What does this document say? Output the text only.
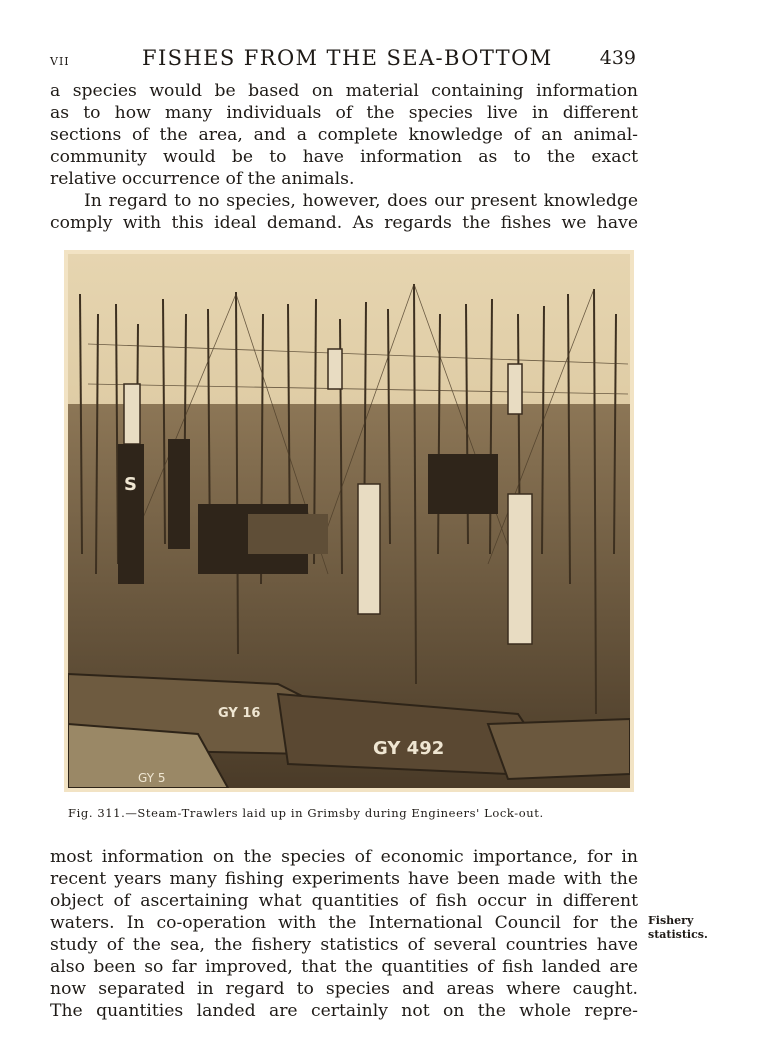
VII	FISHES FROM THE SEA-BOTTOM 439
a species would be based on material containing information
as to how many individuals of the species live in different
sections of the area, and a complete knowledge of an animal-
community would be to have information as to the exact
relative occurrence of the animals.
In regard to no species, however, does our present knowledge
comply with this ideal demand. As regards the fishes we have
GY 492
GY 16
S
GY 5
Fig. 311.—Steam-Trawlers laid up in Grimsby during Engineers' Lock-out.
most information on the species of economic importance, for in
recent years many fishing experiments have been made with the
object of ascertaining what quantities of fish occur in different
waters. In co-operation with the International Council for the
study of the sea, the fishery statistics of several countries have
also been so far improved, that the quantities of fish landed are
now separated in regard to species and areas where caught.
The quantities landed are certainly not on the whole repre-
Fishery
statistics.
